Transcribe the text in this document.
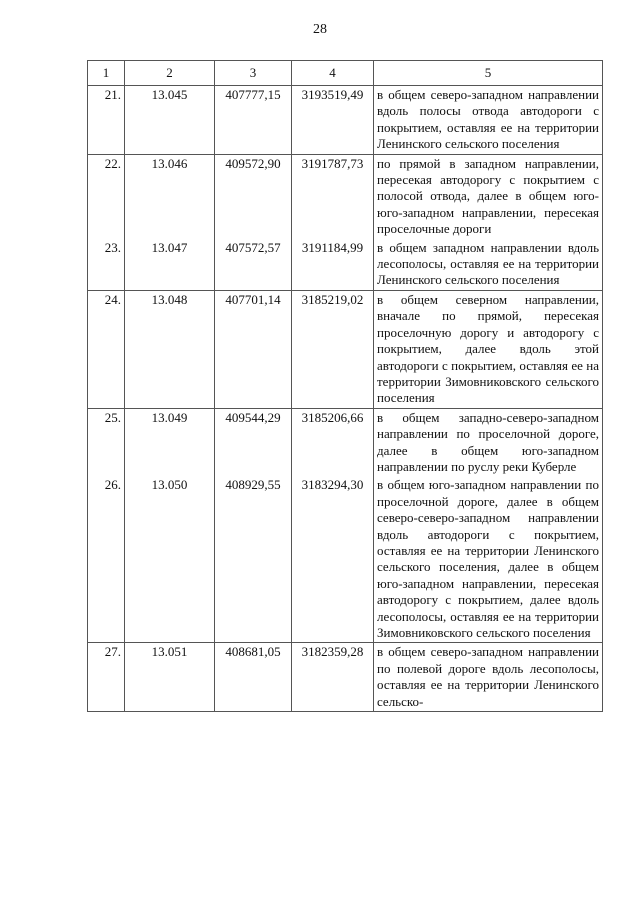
28
1	2	3	4	5
21.	13.045	407777,15	3193519,49	в общем северо-западном направлении вдоль полосы отвода автодороги с покрытием, оставляя ее на территории Ленинского сельского поселения
22.	13.046	409572,90	3191787,73	по прямой в западном направлении, пересекая автодорогу с покрытием с полосой отвода, далее в общем юго-юго-западном направлении, пересекая проселочные дороги
23.	13.047	407572,57	3191184,99	в общем западном направлении вдоль лесополосы, оставляя ее на территории Ленинского сельского поселения
24.	13.048	407701,14	3185219,02	в общем северном направлении, вначале по прямой, пересекая проселочную дорогу и автодорогу с покрытием, далее вдоль этой автодороги с покрытием, оставляя ее на территории Зимовниковского сельского поселения
25.	13.049	409544,29	3185206,66	в общем западно-северо-западном направлении по проселочной дороге, далее в общем юго-западном направлении по руслу реки Куберле
26.	13.050	408929,55	3183294,30	в общем юго-западном направлении по проселочной дороге, далее в общем северо-северо-западном направлении вдоль автодороги с покрытием, оставляя ее на территории Ленинского сельского поселения, далее в общем юго-западном направлении, пересекая автодорогу с покрытием, далее вдоль лесополосы, оставляя ее на территории Зимовниковского сельского поселения
27.	13.051	408681,05	3182359,28	в общем северо-западном направлении по полевой дороге вдоль лесополосы, оставляя ее на территории Ленинского сельско-
